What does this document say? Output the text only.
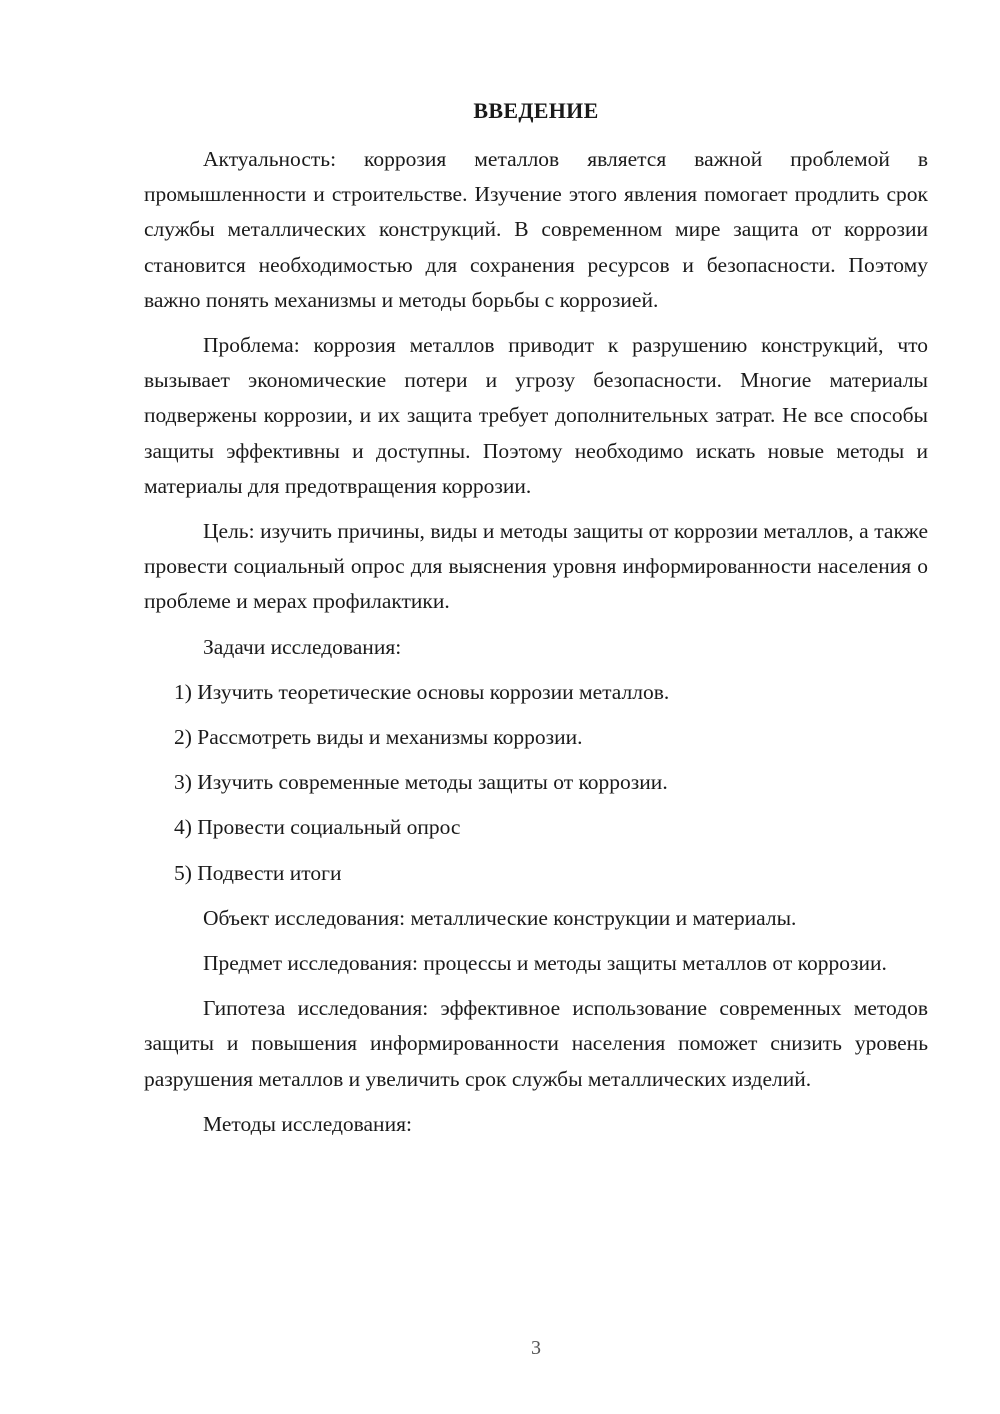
ВВЕДЕНИЕ

Актуальность: коррозия металлов является важной проблемой в промышленности и строительстве. Изучение этого явления помогает продлить срок службы металлических конструкций. В современном мире защита от коррозии становится необходимостью для сохранения ресурсов и безопасности. Поэтому важно понять механизмы и методы борьбы с коррозией.

Проблема: коррозия металлов приводит к разрушению конструкций, что вызывает экономические потери и угрозу безопасности. Многие материалы подвержены коррозии, и их защита требует дополнительных затрат. Не все способы защиты эффективны и доступны. Поэтому необходимо искать новые методы и материалы для предотвращения коррозии.

Цель: изучить причины, виды и методы защиты от коррозии металлов, а также провести социальный опрос для выяснения уровня информированности населения о проблеме и мерах профилактики.

Задачи исследования:

1) Изучить теоретические основы коррозии металлов.
2) Рассмотреть виды и механизмы коррозии.
3) Изучить современные методы защиты от коррозии.
4) Провести социальный опрос
5) Подвести итоги

Объект исследования: металлические конструкции и материалы.

Предмет исследования: процессы и методы защиты металлов от коррозии.

Гипотеза исследования: эффективное использование современных методов защиты и повышения информированности населения поможет снизить уровень разрушения металлов и увеличить срок службы металлических изделий.

Методы исследования:

3
